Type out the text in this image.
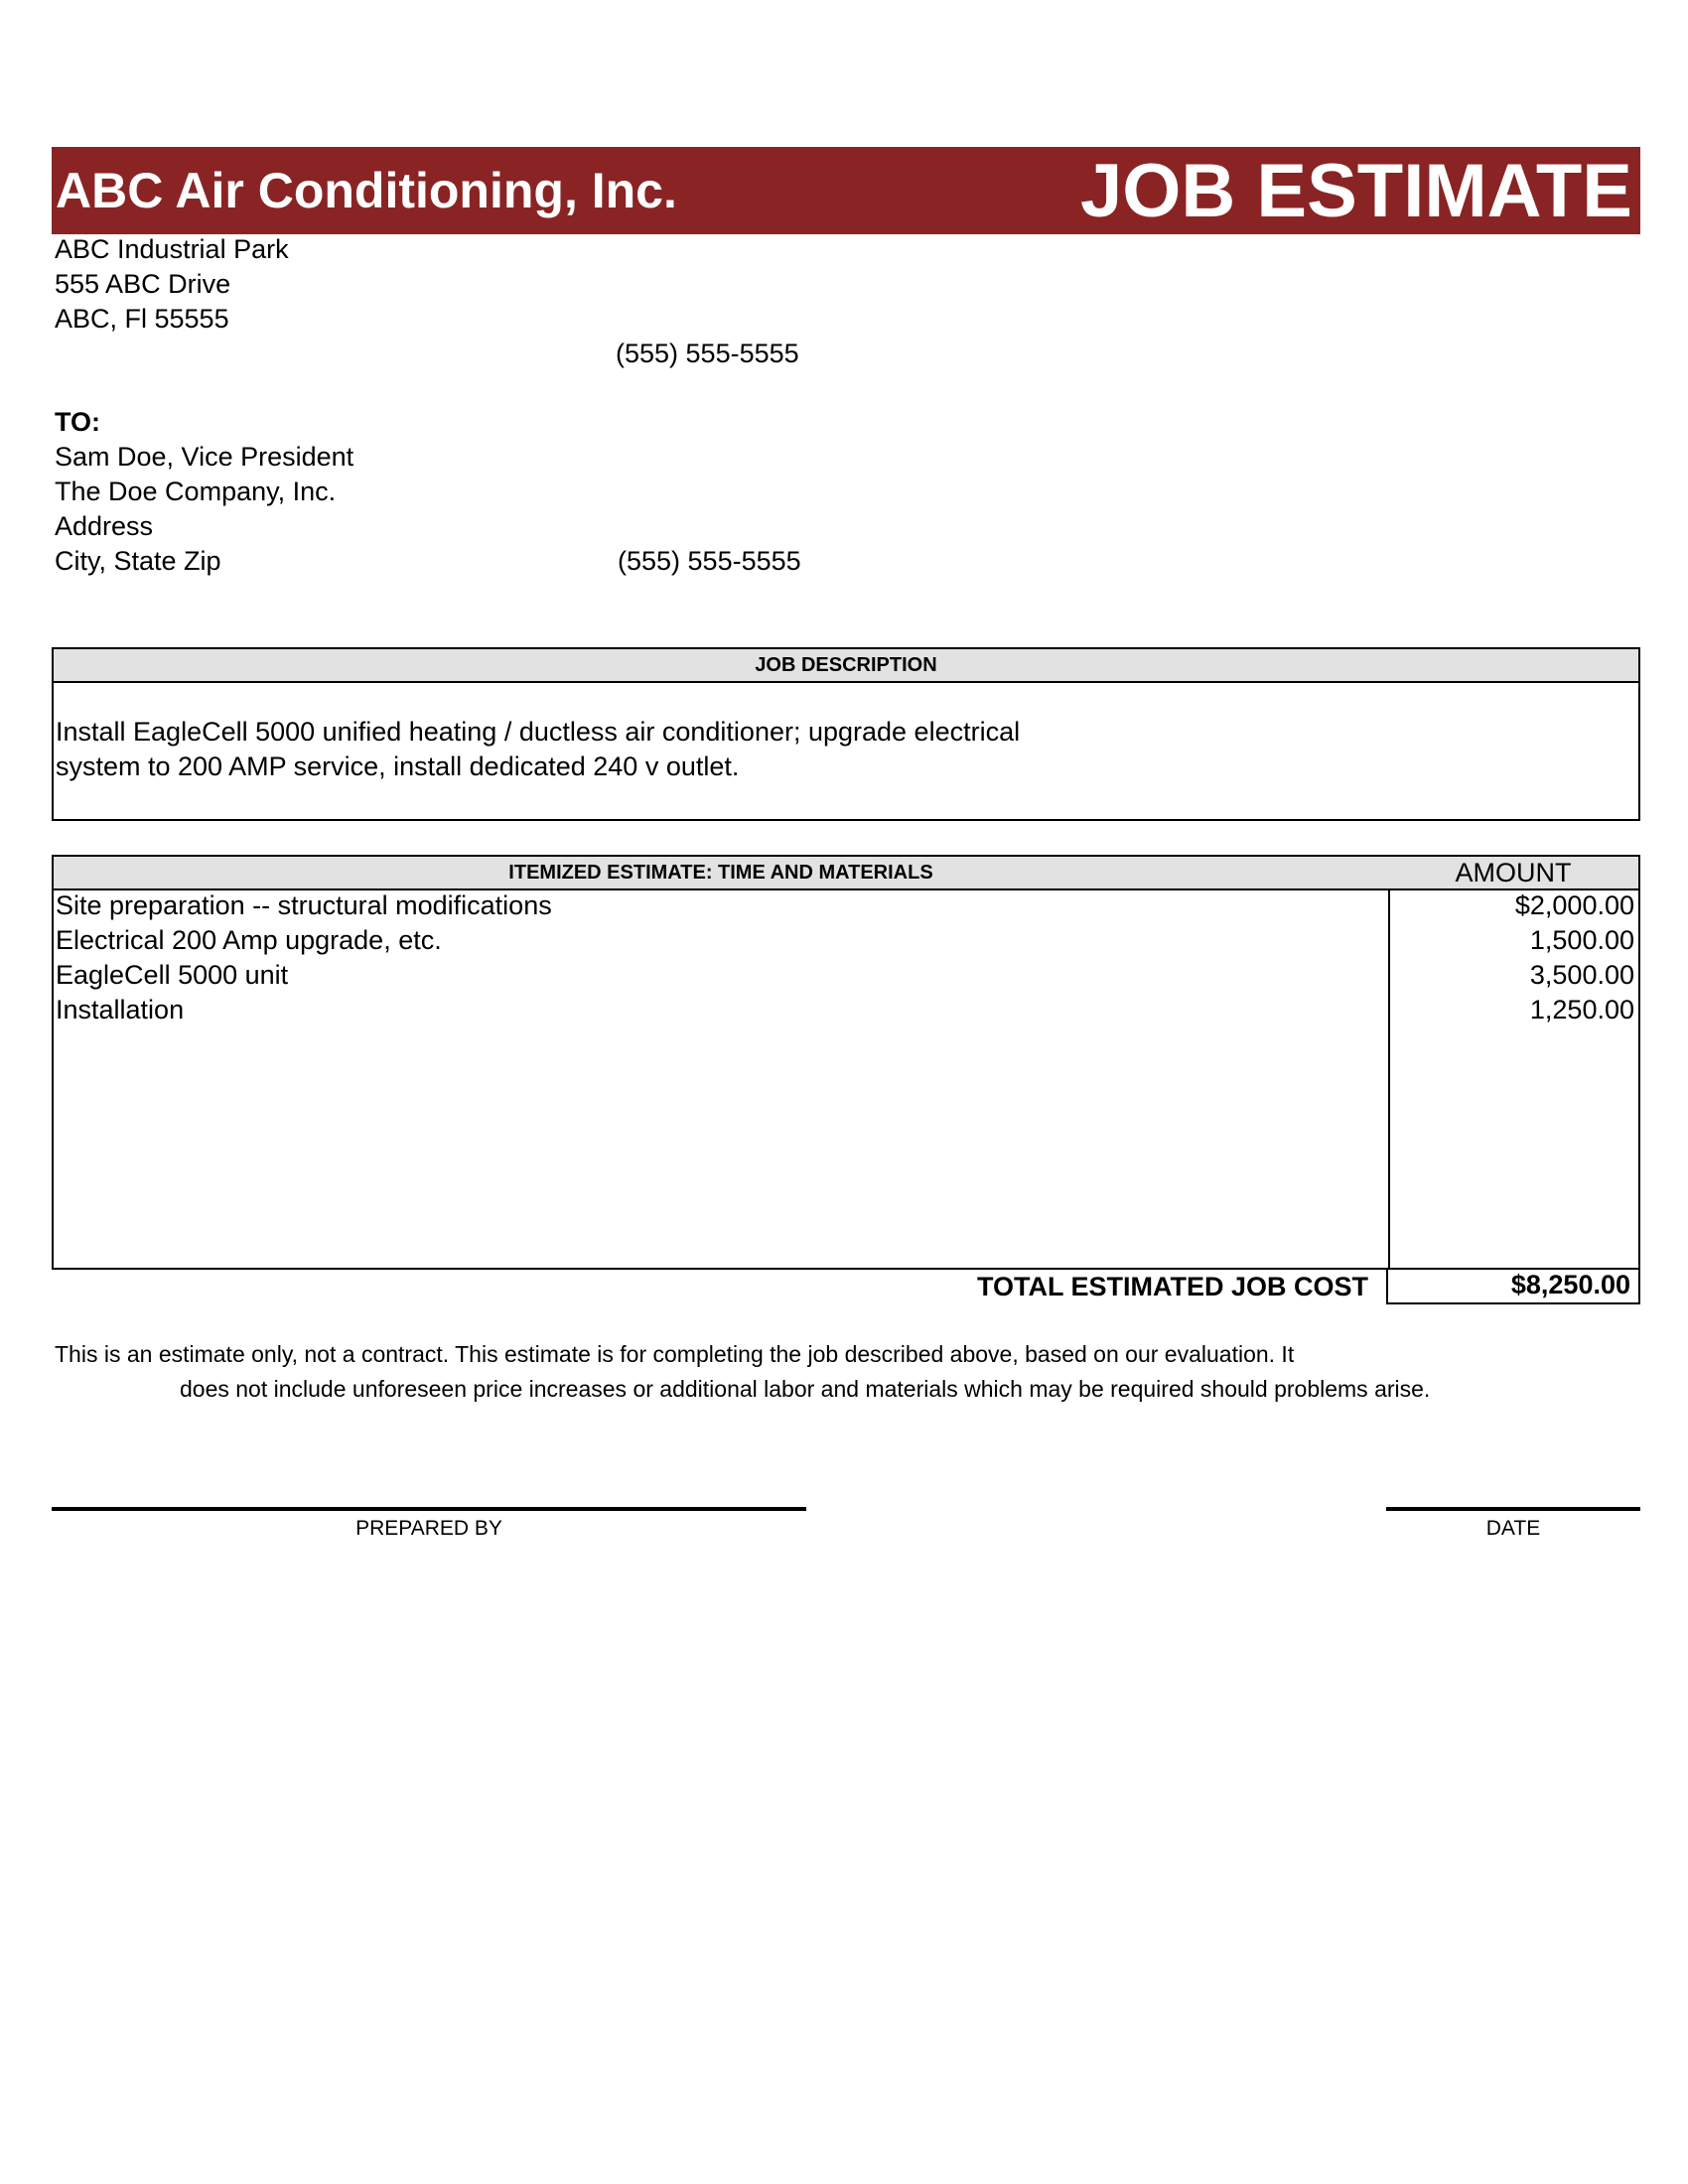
ABC Air Conditioning, Inc.	JOB ESTIMATE
ABC Industrial Park
555 ABC Drive
ABC, Fl 55555
(555) 555-5555
TO:
Sam Doe, Vice President
The Doe Company, Inc.
Address
City, State Zip	(555) 555-5555
JOB DESCRIPTION
Install EagleCell 5000 unified heating / ductless air conditioner; upgrade electrical
system to 200 AMP service, install dedicated 240 v outlet.
ITEMIZED ESTIMATE: TIME AND MATERIALS	AMOUNT
Site preparation -- structural modifications	$2,000.00
Electrical 200 Amp upgrade, etc.	1,500.00
EagleCell 5000 unit	3,500.00
Installation	1,250.00
TOTAL ESTIMATED JOB COST	$8,250.00
This is an estimate only, not a contract. This estimate is for completing the job described above, based on our evaluation. It
does not include unforeseen price increases or additional labor and materials which may be required should problems arise.
PREPARED BY	DATE
